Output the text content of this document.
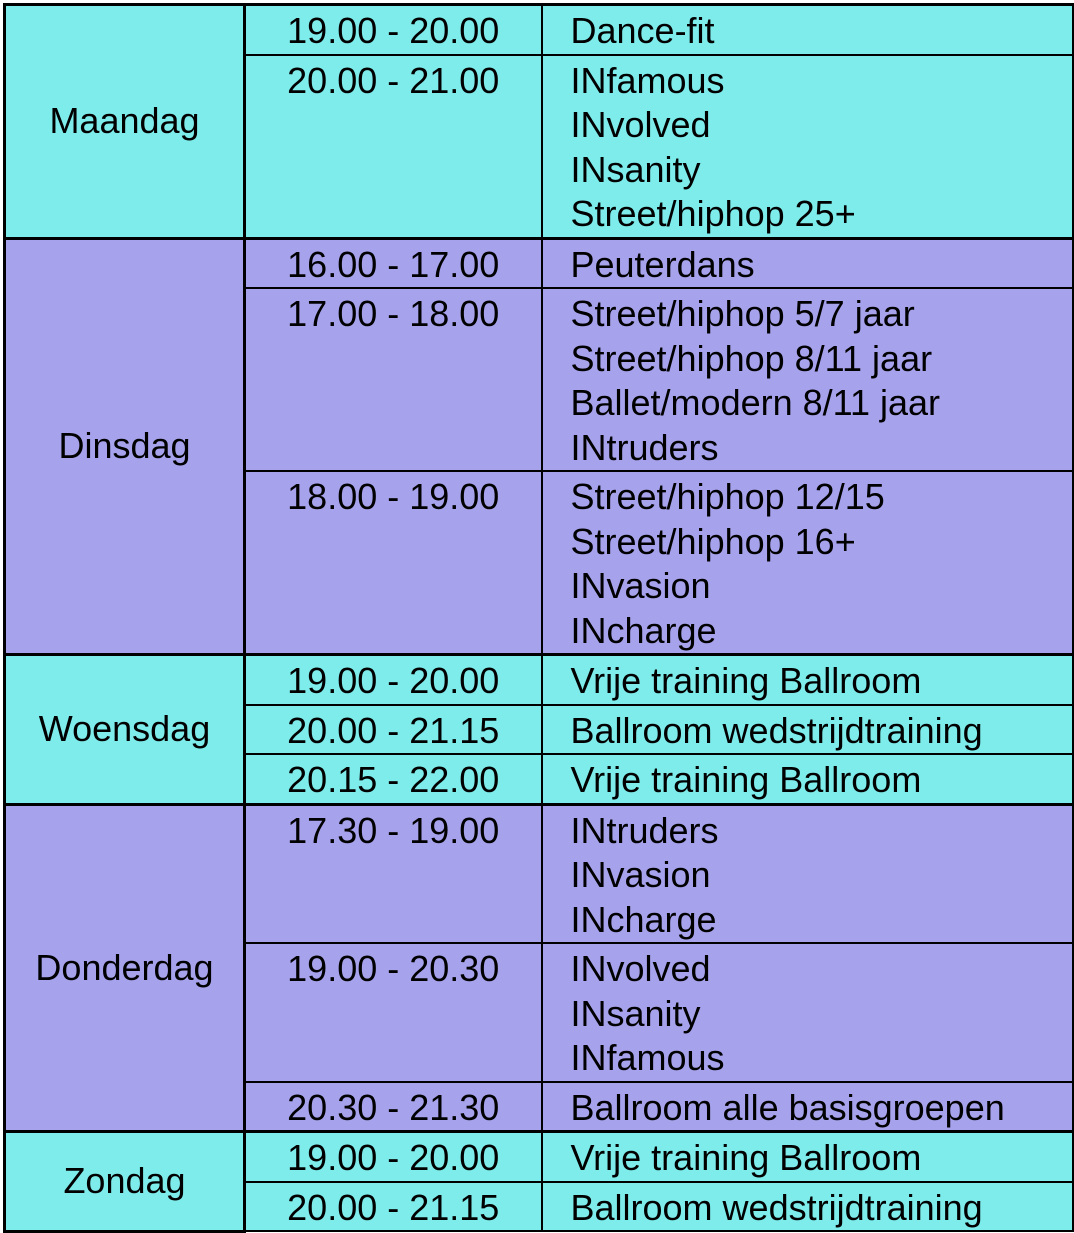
Maandag	19.00 - 20.00	Dance-fit

	20.00 - 21.00	INfamous
INvolved
INsanity
Street/hiphop 25+

Dinsdag	16.00 - 17.00	Peuterdans

	17.00 - 18.00	Street/hiphop 5/7 jaar
Street/hiphop 8/11 jaar
Ballet/modern 8/11 jaar
INtruders

	18.00 - 19.00	Street/hiphop 12/15
Street/hiphop 16+
INvasion
INcharge

Woensdag	19.00 - 20.00	Vrije training Ballroom

	20.00 - 21.15	Ballroom wedstrijdtraining

	20.15 - 22.00	Vrije training Ballroom

Donderdag	17.30 - 19.00	INtruders
INvasion
INcharge

	19.00 - 20.30	INvolved
INsanity
INfamous

	20.30 - 21.30	Ballroom alle basisgroepen

Zondag	19.00 - 20.00	Vrije training Ballroom

	20.00 - 21.15	Ballroom wedstrijdtraining
